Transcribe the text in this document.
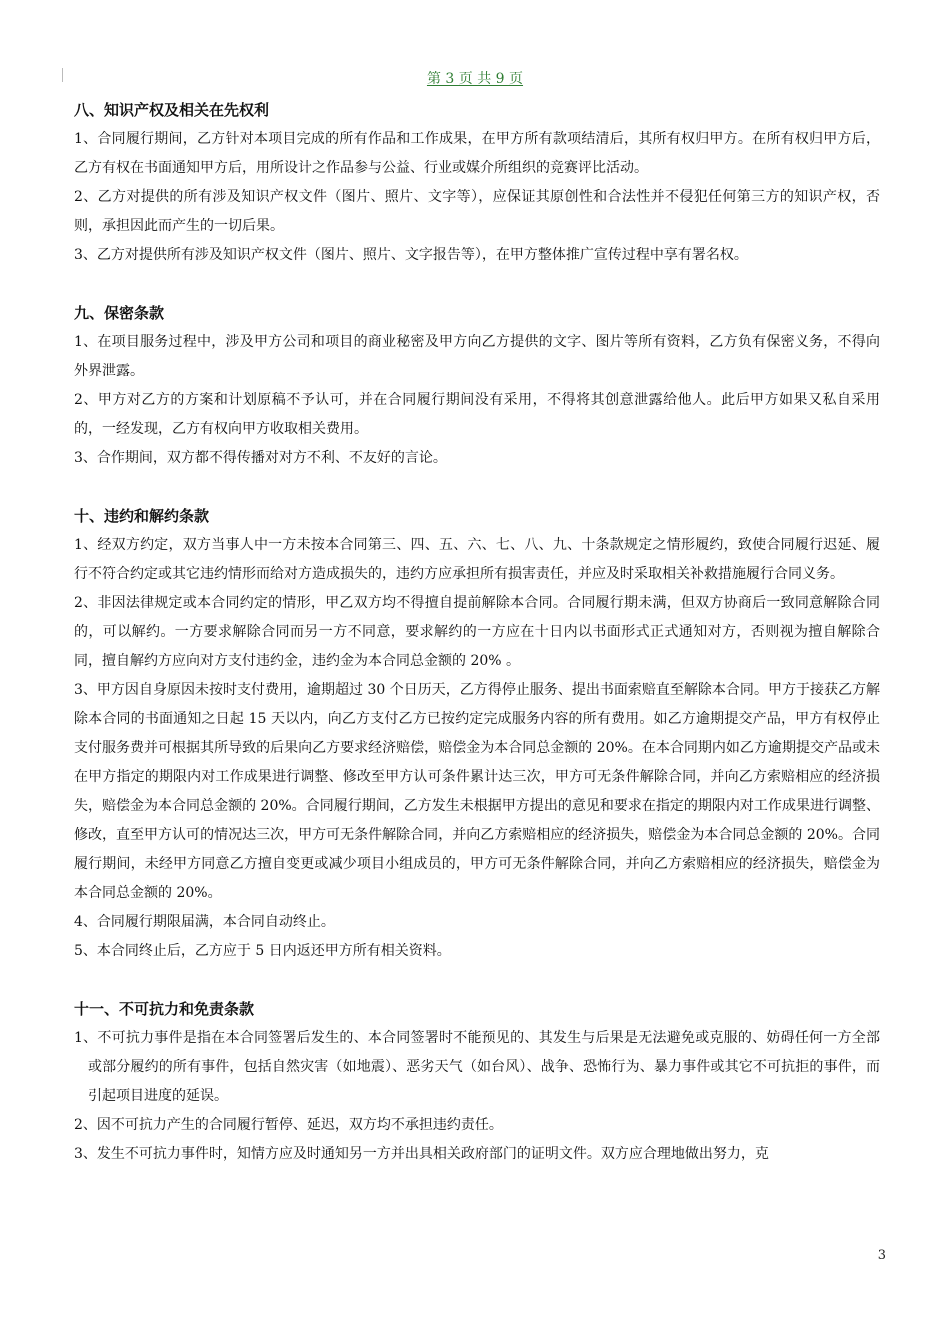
第 3 页 共 9 页
八、知识产权及相关在先权利

1、合同履行期间，乙方针对本项目完成的所有作品和工作成果，在甲方所有款项结清后，其所有权归甲方。在所有权归甲方后，乙方有权在书面通知甲方后，用所设计之作品参与公益、行业或媒介所组织的竞赛评比活动。

2、乙方对提供的所有涉及知识产权文件（图片、照片、文字等），应保证其原创性和合法性并不侵犯任何第三方的知识产权，否则，承担因此而产生的一切后果。

3、乙方对提供所有涉及知识产权文件（图片、照片、文字报告等），在甲方整体推广宣传过程中享有署名权。

九、保密条款

1、在项目服务过程中，涉及甲方公司和项目的商业秘密及甲方向乙方提供的文字、图片等所有资料，乙方负有保密义务，不得向外界泄露。

2、甲方对乙方的方案和计划原稿不予认可，并在合同履行期间没有采用，不得将其创意泄露给他人。此后甲方如果又私自采用的，一经发现，乙方有权向甲方收取相关费用。

3、合作期间，双方都不得传播对对方不利、不友好的言论。

十、违约和解约条款

1、经双方约定，双方当事人中一方未按本合同第三、四、五、六、七、八、九、十条款规定之情形履约，致使合同履行迟延、履行不符合约定或其它违约情形而给对方造成损失的，违约方应承担所有损害责任，并应及时采取相关补救措施履行合同义务。

2、非因法律规定或本合同约定的情形，甲乙双方均不得擅自提前解除本合同。合同履行期未满，但双方协商后一致同意解除合同的，可以解约。一方要求解除合同而另一方不同意，要求解约的一方应在十日内以书面形式正式通知对方，否则视为擅自解除合同，擅自解约方应向对方支付违约金，违约金为本合同总金额的 20% 。

3、甲方因自身原因未按时支付费用，逾期超过 30 个日历天，乙方得停止服务、提出书面索赔直至解除本合同。甲方于接获乙方解除本合同的书面通知之日起 15 天以内，向乙方支付乙方已按约定完成服务内容的所有费用。如乙方逾期提交产品，甲方有权停止支付服务费并可根据其所导致的后果向乙方要求经济赔偿，赔偿金为本合同总金额的 20%。在本合同期内如乙方逾期提交产品或未在甲方指定的期限内对工作成果进行调整、修改至甲方认可条件累计达三次，甲方可无条件解除合同，并向乙方索赔相应的经济损失，赔偿金为本合同总金额的 20%。合同履行期间，乙方发生未根据甲方提出的意见和要求在指定的期限内对工作成果进行调整、修改，直至甲方认可的情况达三次，甲方可无条件解除合同，并向乙方索赔相应的经济损失，赔偿金为本合同总金额的 20%。合同履行期间，未经甲方同意乙方擅自变更或减少项目小组成员的，甲方可无条件解除合同，并向乙方索赔相应的经济损失，赔偿金为本合同总金额的 20%。

4、合同履行期限届满，本合同自动终止。

5、本合同终止后，乙方应于 5 日内返还甲方所有相关资料。

十一、不可抗力和免责条款

1、不可抗力事件是指在本合同签署后发生的、本合同签署时不能预见的、其发生与后果是无法避免或克服的、妨碍任何一方全部或部分履约的所有事件，包括自然灾害（如地震）、恶劣天气（如台风）、战争、恐怖行为、暴力事件或其它不可抗拒的事件，而引起项目进度的延误。

2、因不可抗力产生的合同履行暂停、延迟，双方均不承担违约责任。

3、发生不可抗力事件时，知情方应及时通知另一方并出具相关政府部门的证明文件。双方应合理地做出努力，克

3
